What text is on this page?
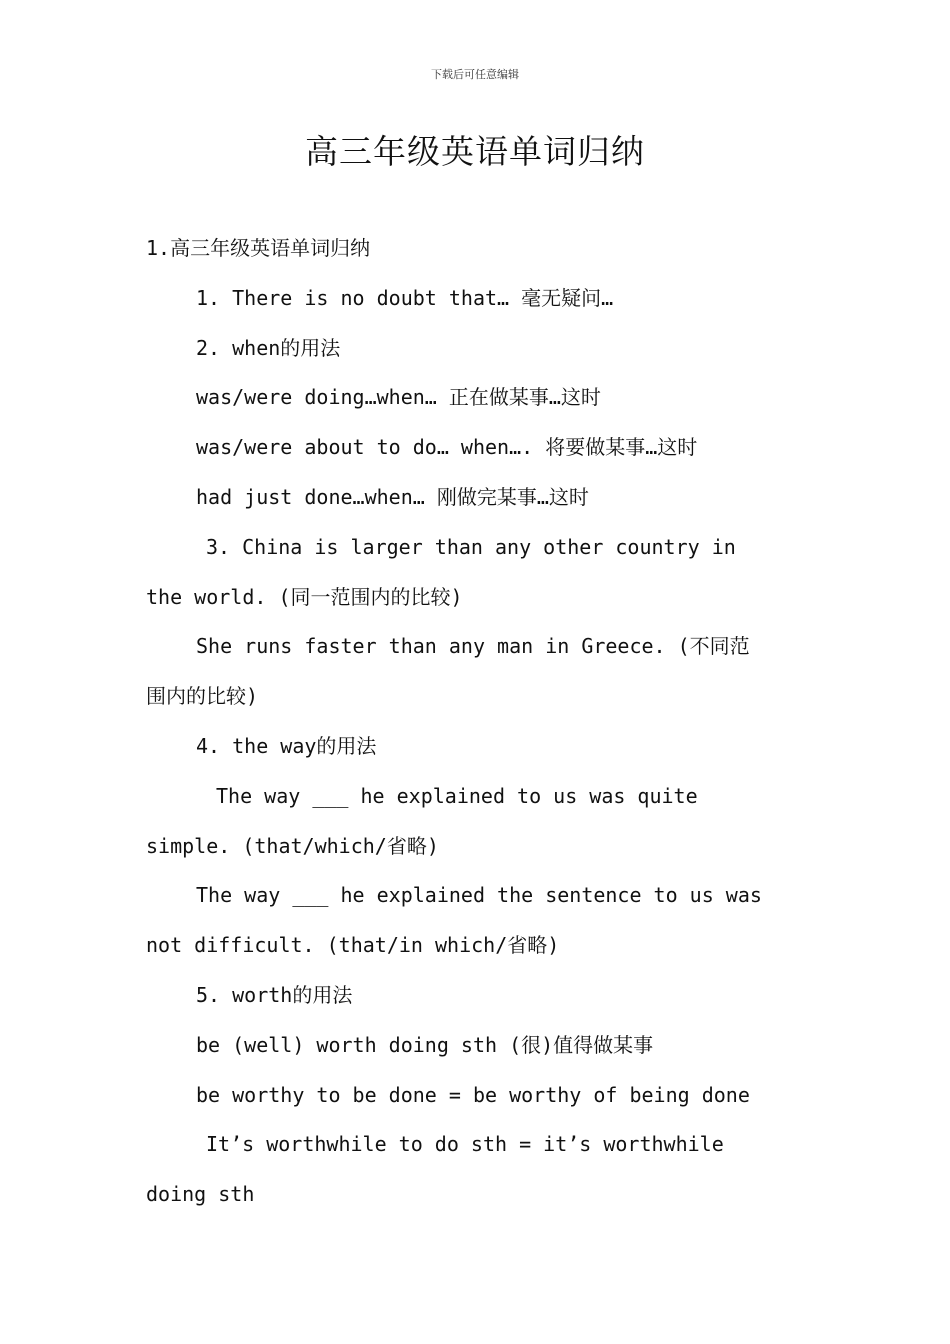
下载后可任意编辑
高三年级英语单词归纳

1.高三年级英语单词归纳

1. There is no doubt that… 毫无疑问…

2. when的用法

was/were doing…when… 正在做某事…这时

was/were about to do… when…. 将要做某事…这时

had just done…when… 刚做完某事…这时

3. China is larger than any other country in

the world. (同一范围内的比较)

She runs faster than any man in Greece. (不同范

围内的比较)

4. the way的用法

The way ___ he explained to us was quite

simple. (that/which/省略)

The way ___ he explained the sentence to us was

not difficult. (that/in which/省略)

5. worth的用法

be (well) worth doing sth (很)值得做某事

be worthy to be done = be worthy of being done

It’s worthwhile to do sth = it’s worthwhile

doing sth
